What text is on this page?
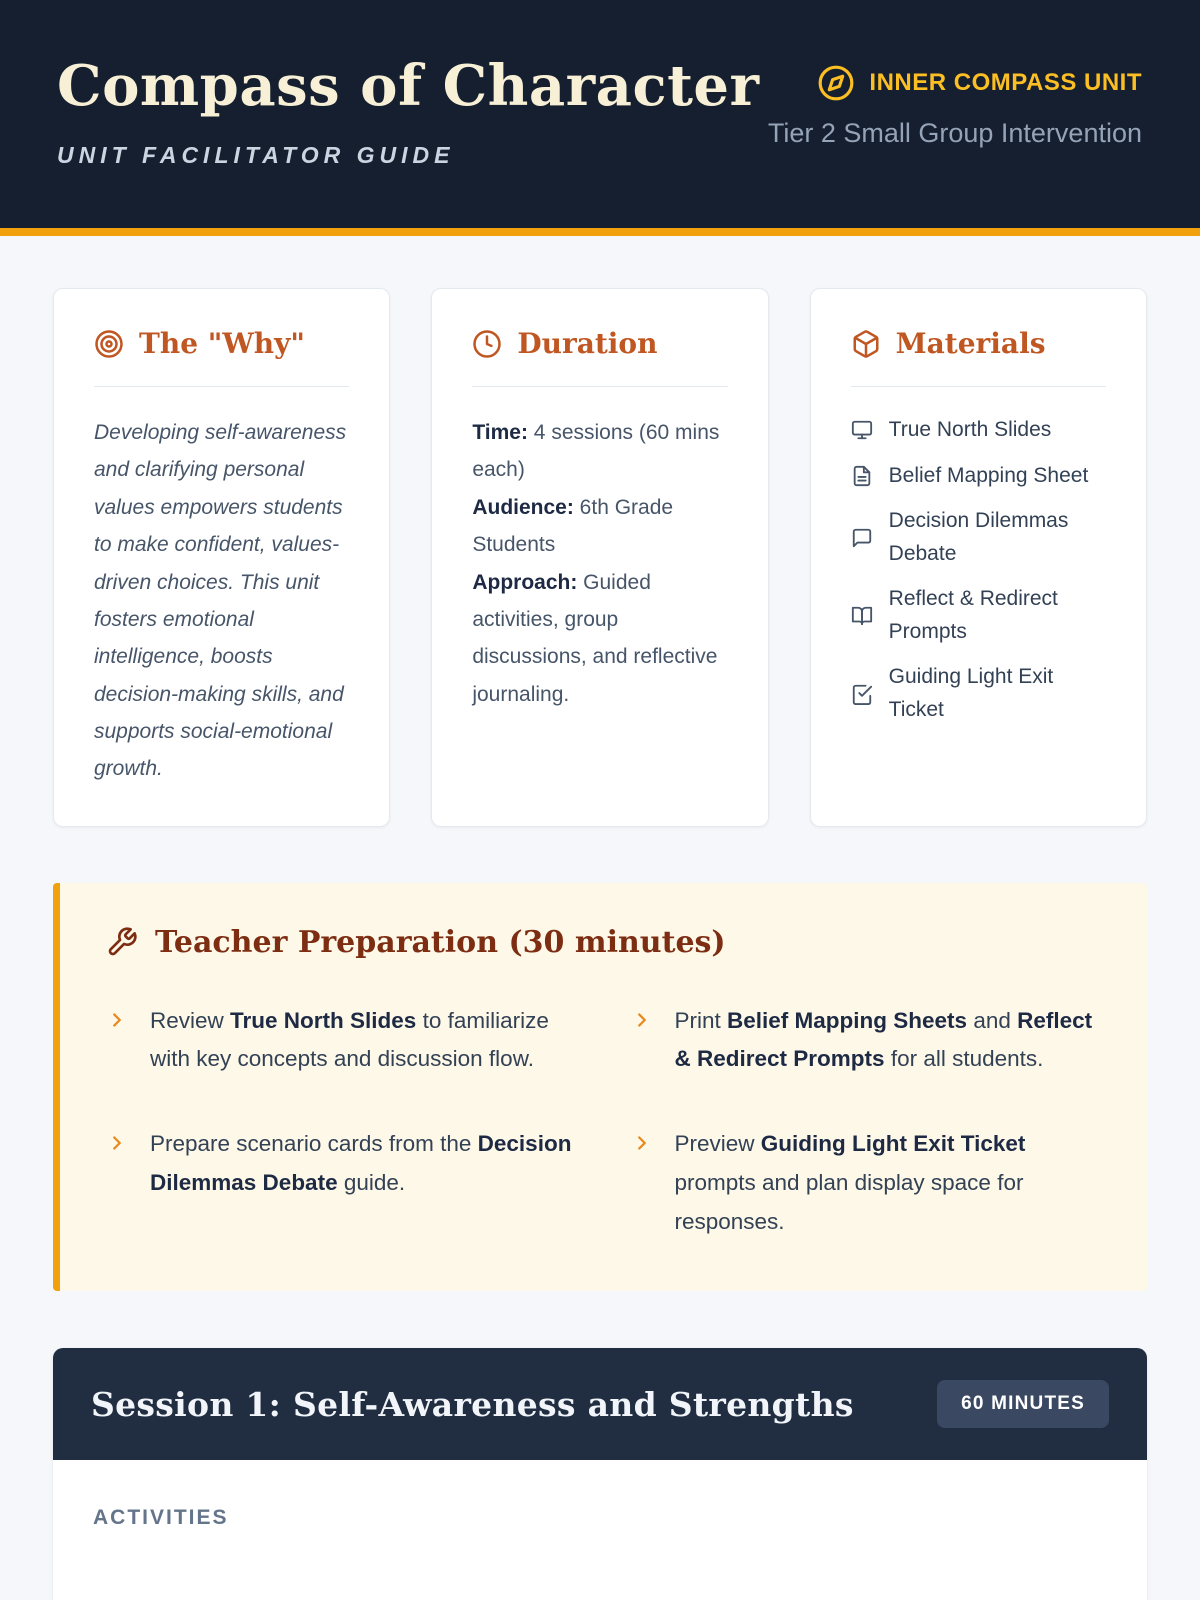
Compass of Character
UNIT FACILITATOR GUIDE
INNER COMPASS UNIT
Tier 2 Small Group Intervention
The "Why"

Developing self-awareness and clarifying personal values empowers students to make confident, values-driven choices. This unit fosters emotional intelligence, boosts decision-making skills, and supports social-emotional growth.

Duration
Time: 4 sessions (60 mins each)
Audience: 6th Grade Students
Approach: Guided activities, group discussions, and reflective journaling.
Materials
True North Slides
Belief Mapping Sheet
Decision Dilemmas Debate
Reflect & Redirect Prompts
Guiding Light Exit Ticket
Teacher Preparation (30 minutes)

Review True North Slides to familiarize with key concepts and discussion flow.

Print Belief Mapping Sheets and Reflect & Redirect Prompts for all students.

Prepare scenario cards from the Decision Dilemmas Debate guide.

Preview Guiding Light Exit Ticket prompts and plan display space for responses.

Session 1: Self-Awareness and Strengths	60 MINUTES
ACTIVITIES
